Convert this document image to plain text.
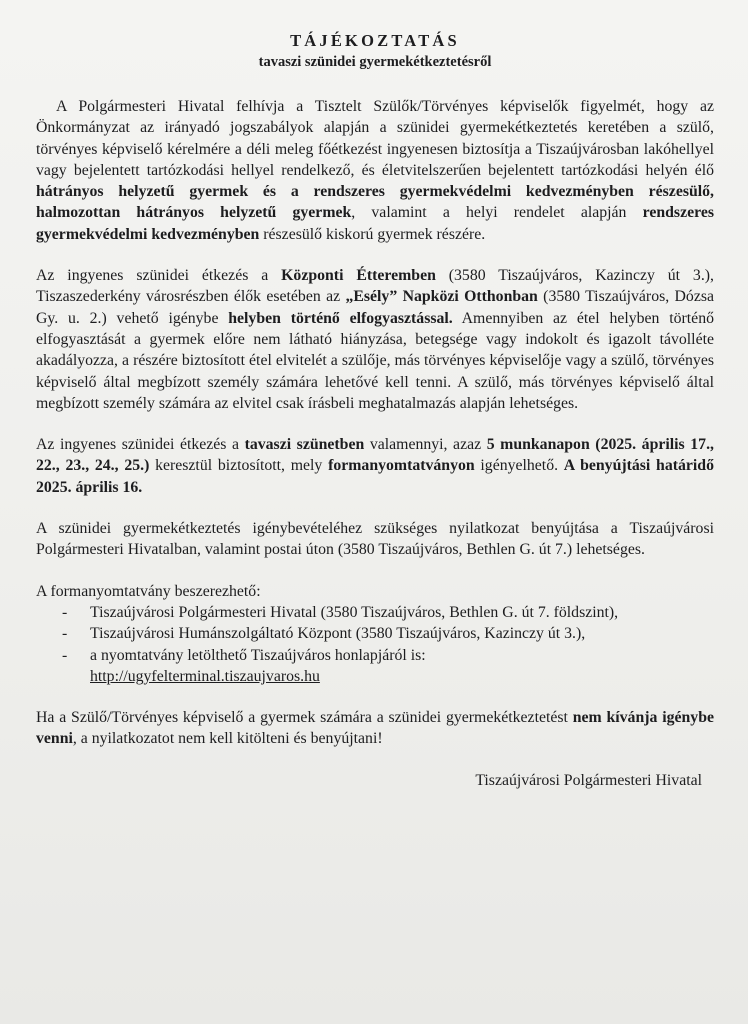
TÁJÉKOZTATÁS
tavaszi szünidei gyermekétkeztetésről

A Polgármesteri Hivatal felhívja a Tisztelt Szülők/Törvényes képviselők figyelmét, hogy az Önkormányzat az irányadó jogszabályok alapján a szünidei gyermekétkeztetés keretében a szülő, törvényes képviselő kérelmére a déli meleg főétkezést ingyenesen biztosítja a Tiszaújvárosban lakóhellyel vagy bejelentett tartózkodási hellyel rendelkező, és életvitelszerűen bejelentett tartózkodási helyén élő hátrányos helyzetű gyermek és a rendszeres gyermekvédelmi kedvezményben részesülő, halmozottan hátrányos helyzetű gyermek, valamint a helyi rendelet alapján rendszeres gyermekvédelmi kedvezményben részesülő kiskorú gyermek részére.

Az ingyenes szünidei étkezés a Központi Étteremben (3580 Tiszaújváros, Kazinczy út 3.), Tiszaszederkény városrészben élők esetében az „Esély” Napközi Otthonban (3580 Tiszaújváros, Dózsa Gy. u. 2.) vehető igénybe helyben történő elfogyasztással. Amennyiben az étel helyben történő elfogyasztását a gyermek előre nem látható hiányzása, betegsége vagy indokolt és igazolt távolléte akadályozza, a részére biztosított étel elvitelét a szülője, más törvényes képviselője vagy a szülő, törvényes képviselő által megbízott személy számára lehetővé kell tenni. A szülő, más törvényes képviselő által megbízott személy számára az elvitel csak írásbeli meghatalmazás alapján lehetséges.

Az ingyenes szünidei étkezés a tavaszi szünetben valamennyi, azaz 5 munkanapon (2025. április 17., 22., 23., 24., 25.) keresztül biztosított, mely formanyomtatványon igényelhető. A benyújtási határidő 2025. április 16.

A szünidei gyermekétkeztetés igénybevételéhez szükséges nyilatkozat benyújtása a Tiszaújvárosi Polgármesteri Hivatalban, valamint postai úton (3580 Tiszaújváros, Bethlen G. út 7.) lehetséges.

A formanyomtatvány beszerezhető:

- Tiszaújvárosi Polgármesteri Hivatal (3580 Tiszaújváros, Bethlen G. út 7. földszint),
- Tiszaújvárosi Humánszolgáltató Központ (3580 Tiszaújváros, Kazinczy út 3.),
- a nyomtatvány letölthető Tiszaújváros honlapjáról is:
http://ugyfelterminal.tiszaujvaros.hu

Ha a Szülő/Törvényes képviselő a gyermek számára a szünidei gyermekétkeztetést nem kívánja igénybe venni, a nyilatkozatot nem kell kitölteni és benyújtani!

Tiszaújvárosi Polgármesteri Hivatal
